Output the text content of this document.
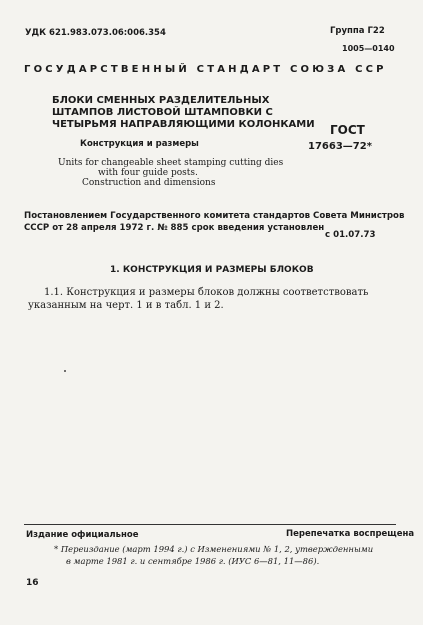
УДК 621.983.073.06:006.354	Группа Г22
1005—0140
ГОСУДАРСТВЕННЫЙ СТАНДАРТ СОЮЗА ССР
БЛОКИ СМЕННЫХ РАЗДЕЛИТЕЛЬНЫХ
ШТАМПОВ ЛИСТОВОЙ ШТАМПОВКИ С
ЧЕТЫРЬМЯ НАПРАВЛЯЮЩИМИ КОЛОНКАМИ ГОСТ
17663—72*
Конструкция и размеры
Units for changeable sheet stamping cutting dies
with four guide posts.
Construction and dimensions
Постановлением Государственного комитета стандартов Совета Министров
СССР от 28 апреля 1972 г. № 885 срок введения установлен
с 01.07.73
1. КОНСТРУКЦИЯ И РАЗМЕРЫ БЛОКОВ
1.1. Конструкция и размеры блоков должны соответствовать
указанным на черт. 1 и в табл. 1 и 2.
Издание официальное	Перепечатка воспрещена
* Переиздание (март 1994 г.) с Изменениями № 1, 2, утвержденными
в марте 1981 г. и сентябре 1986 г. (ИУС 6—81, 11—86).
16
